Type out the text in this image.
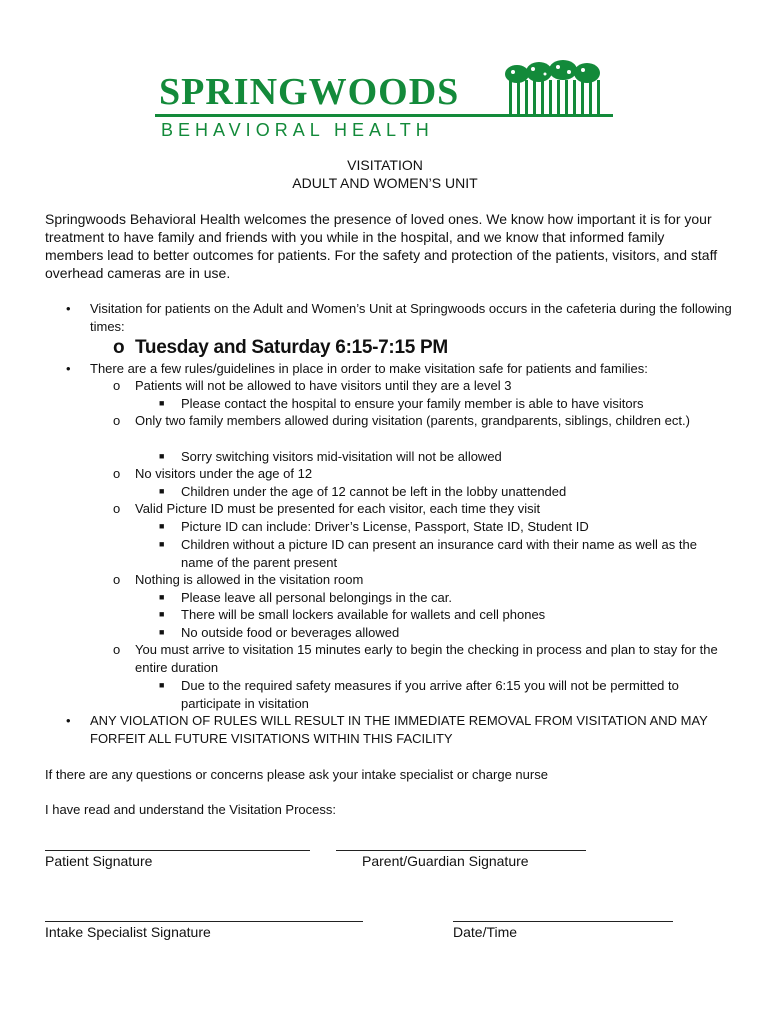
SPRINGWOODS
BEHAVIORAL HEALTH
VISITATION
ADULT AND WOMEN’S UNIT
Springwoods Behavioral Health welcomes the presence of loved ones. We know how important it is for your treatment to have family and friends with you while in the hospital, and we know that informed family members lead to better outcomes for patients. For the safety and protection of the patients, visitors, and staff overhead cameras are in use.
• Visitation for patients on the Adult and Women’s Unit at Springwoods occurs in the cafeteria during the following times:
o Tuesday and Saturday 6:15-7:15 PM
• There are a few rules/guidelines in place in order to make visitation safe for patients and families:
o Patients will not be allowed to have visitors until they are a level 3
■ Please contact the hospital to ensure your family member is able to have visitors
o Only two family members allowed during visitation (parents, grandparents, siblings, children ect.)
■ Sorry switching visitors mid-visitation will not be allowed
o No visitors under the age of 12
■ Children under the age of 12 cannot be left in the lobby unattended
o Valid Picture ID must be presented for each visitor, each time they visit
■ Picture ID can include: Driver’s License, Passport, State ID, Student ID
■ Children without a picture ID can present an insurance card with their name as well as the name of the parent present
o Nothing is allowed in the visitation room
■ Please leave all personal belongings in the car.
■ There will be small lockers available for wallets and cell phones
■ No outside food or beverages allowed
o You must arrive to visitation 15 minutes early to begin the checking in process and plan to stay for the entire duration
■ Due to the required safety measures if you arrive after 6:15 you will not be permitted to participate in visitation
• ANY VIOLATION OF RULES WILL RESULT IN THE IMMEDIATE REMOVAL FROM VISITATION AND MAY FORFEIT ALL FUTURE VISITATIONS WITHIN THIS FACILITY
If there are any questions or concerns please ask your intake specialist or charge nurse
I have read and understand the Visitation Process:
Patient Signature	Parent/Guardian Signature
Intake Specialist Signature	Date/Time
